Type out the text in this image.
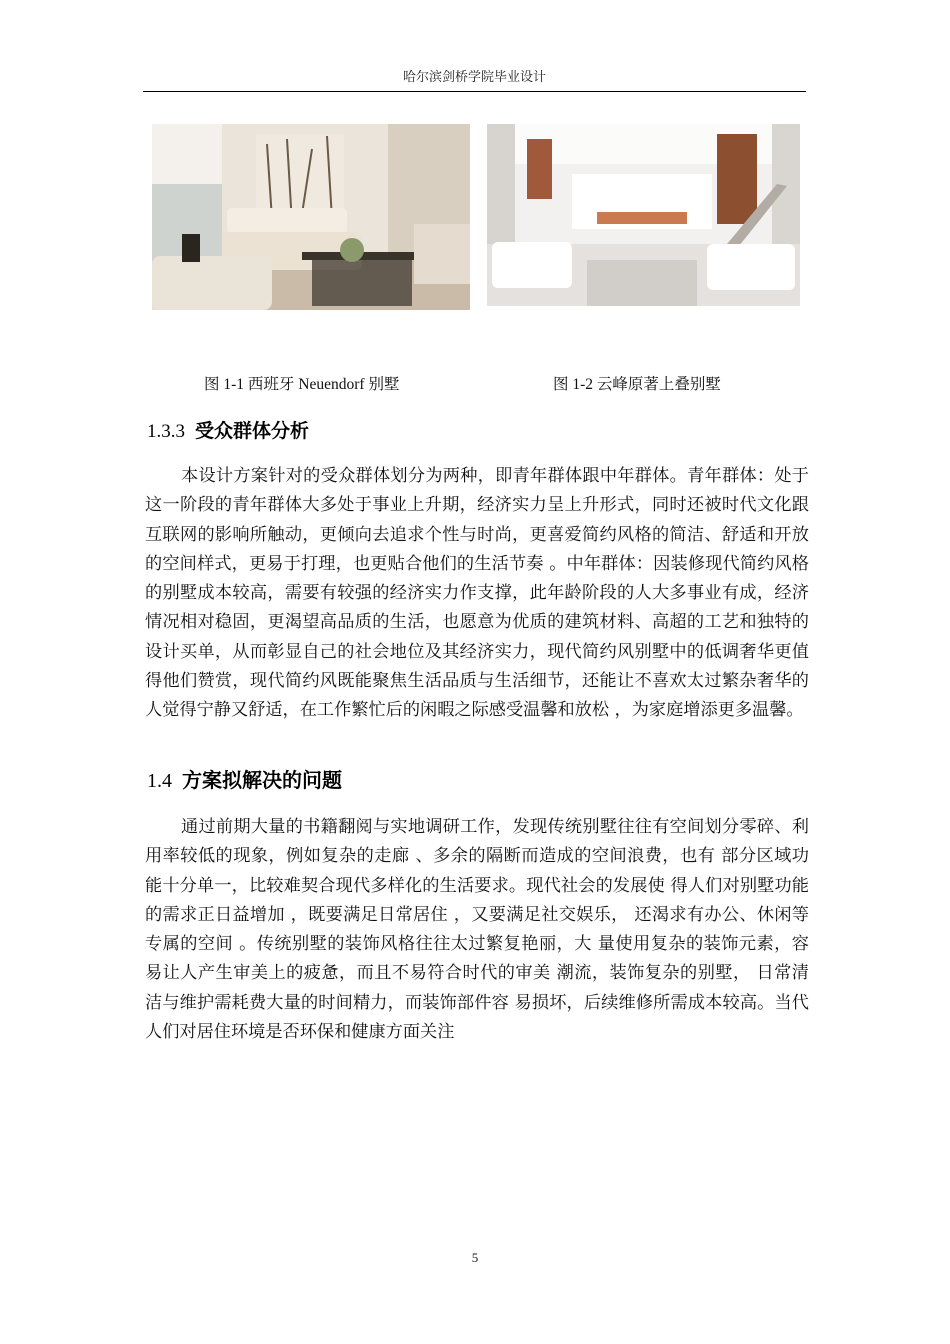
哈尔滨剑桥学院毕业设计
图 1-1 西班牙 Neuendorf 别墅	图 1-2 云峰原著上叠别墅
1.3.3 受众群体分析

本设计方案针对的受众群体划分为两种，即青年群体跟中年群体。青年群体：处于这一阶段的青年群体大多处于事业上升期，经济实力呈上升形式，同时还被时代文化跟互联网的影响所触动，更倾向去追求个性与时尚，更喜爱简约风格的简洁、舒适和开放的空间样式，更易于打理，也更贴合他们的生活节奏 。中年群体：因装修现代简约风格的别墅成本较高，需要有较强的经济实力作支撑，此年龄阶段的人大多事业有成，经济情况相对稳固，更渴望高品质的生活，也愿意为优质的建筑材料、高超的工艺和独特的设计买单，从而彰显自己的社会地位及其经济实力，现代简约风别墅中的低调奢华更值得他们赞赏，现代简约风既能聚焦生活品质与生活细节，还能让不喜欢太过繁杂奢华的人觉得宁静又舒适，在工作繁忙后的闲暇之际感受温馨和放松 ，为家庭增添更多温馨。

1.4 方案拟解决的问题

通过前期大量的书籍翻阅与实地调研工作，发现传统别墅往往有空间划分零碎、利用率较低的现象，例如复杂的走廊 、多余的隔断而造成的空间浪费，也有 部分区域功能十分单一，比较难契合现代多样化的生活要求。现代社会的发展使 得人们对别墅功能的需求正日益增加 ，既要满足日常居住 ，又要满足社交娱乐， 还渴求有办公、休闲等专属的空间 。传统别墅的装饰风格往往太过繁复艳丽，大 量使用复杂的装饰元素，容易让人产生审美上的疲惫，而且不易符合时代的审美 潮流，装饰复杂的别墅， 日常清洁与维护需耗费大量的时间精力，而装饰部件容 易损坏，后续维修所需成本较高。当代人们对居住环境是否环保和健康方面关注

5
